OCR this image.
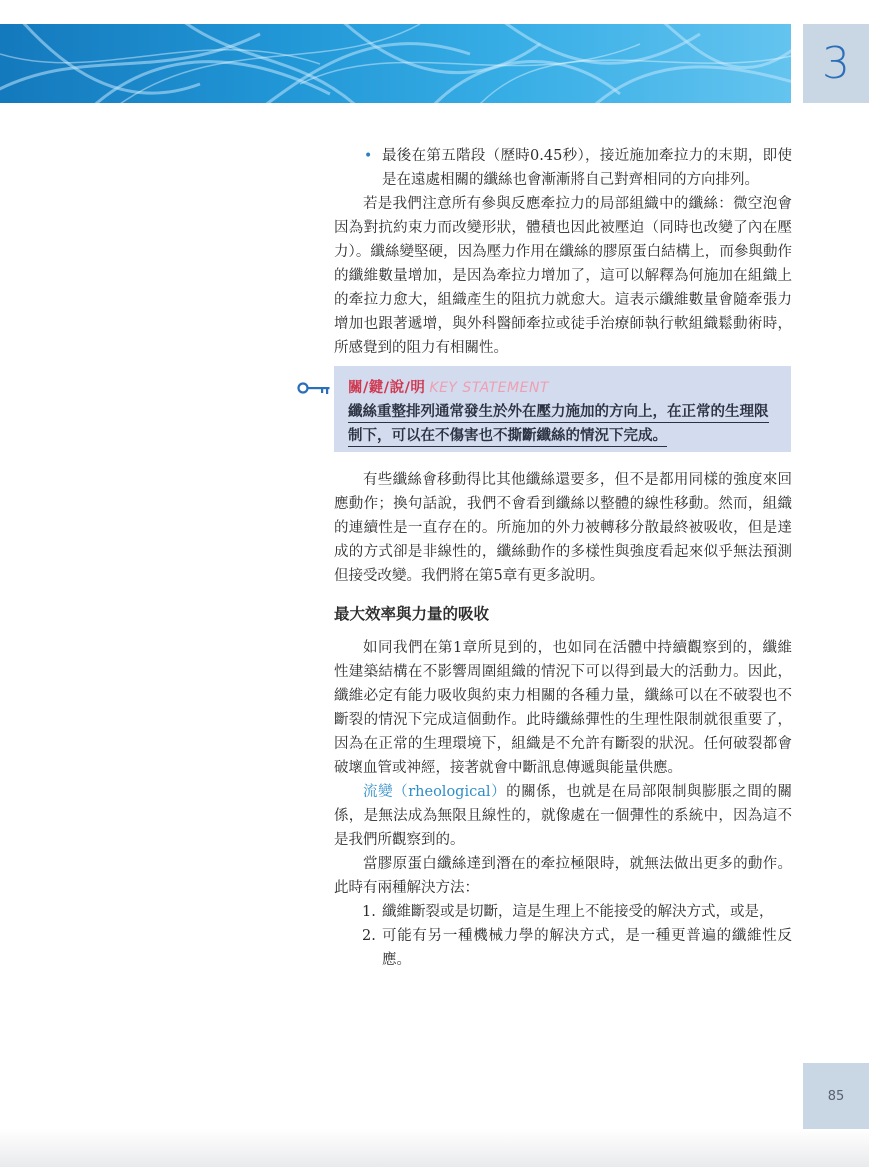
3
• 最後在第五階段（歷時0.45秒），接近施加牽拉力的末期，即使是在遠處相關的纖絲也會漸漸將自己對齊相同的方向排列。

若是我們注意所有參與反應牽拉力的局部組織中的纖絲：微空泡會因為對抗約束力而改變形狀，體積也因此被壓迫（同時也改變了內在壓力）。纖絲變堅硬，因為壓力作用在纖絲的膠原蛋白結構上，而參與動作的纖維數量增加，是因為牽拉力增加了，這可以解釋為何施加在組織上的牽拉力愈大，組織產生的阻抗力就愈大。這表示纖維數量會隨牽張力增加也跟著遞增，與外科醫師牽拉或徒手治療師執行軟組織鬆動術時，所感覺到的阻力有相關性。

關/鍵/說/明 KEY STATEMENT
纖絲重整排列通常發生於外在壓力施加的方向上，在正常的生理限
制下，可以在不傷害也不撕斷纖絲的情況下完成。

有些纖絲會移動得比其他纖絲還要多，但不是都用同樣的強度來回應動作；換句話說，我們不會看到纖絲以整體的線性移動。然而，組織的連續性是一直存在的。所施加的外力被轉移分散最終被吸收，但是達成的方式卻是非線性的，纖絲動作的多樣性與強度看起來似乎無法預測但接受改變。我們將在第5章有更多說明。

最大效率與力量的吸收

如同我們在第1章所見到的，也如同在活體中持續觀察到的，纖維性建築結構在不影響周圍組織的情況下可以得到最大的活動力。因此，纖維必定有能力吸收與約束力相關的各種力量，纖絲可以在不破裂也不斷裂的情況下完成這個動作。此時纖絲彈性的生理性限制就很重要了，因為在正常的生理環境下，組織是不允許有斷裂的狀況。任何破裂都會破壞血管或神經，接著就會中斷訊息傳遞與能量供應。

流變（rheological）的關係，也就是在局部限制與膨脹之間的關係，是無法成為無限且線性的，就像處在一個彈性的系統中，因為這不是我們所觀察到的。

當膠原蛋白纖絲達到潛在的牽拉極限時，就無法做出更多的動作。此時有兩種解決方法：

1. 纖維斷裂或是切斷，這是生理上不能接受的解決方式，或是，
2. 可能有另一種機械力學的解決方式，是一種更普遍的纖維性反應。
85
